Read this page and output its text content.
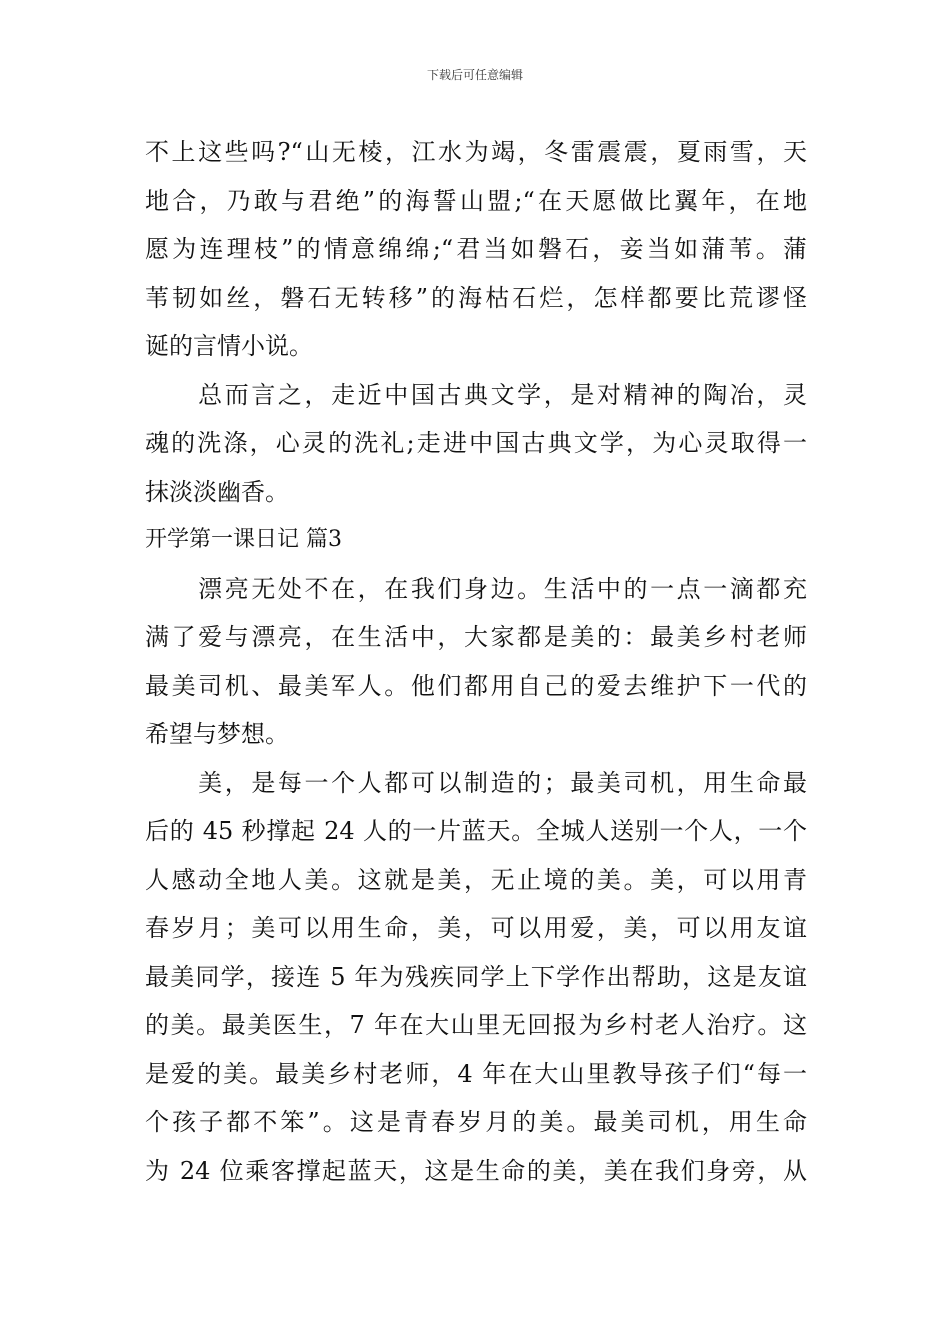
下载后可任意编辑
不上这些吗?“山无棱，江水为竭，冬雷震震，夏雨雪，天
地合，乃敢与君绝”的海誓山盟;“在天愿做比翼年，在地
愿为连理枝”的情意绵绵;“君当如磐石，妾当如蒲苇。蒲
苇韧如丝，磐石无转移”的海枯石烂，怎样都要比荒谬怪
诞的言情小说。
　　总而言之，走近中国古典文学，是对精神的陶冶，灵
魂的洗涤，心灵的洗礼;走进中国古典文学，为心灵取得一
抹淡淡幽香。
开学第一课日记 篇3
　　漂亮无处不在，在我们身边。生活中的一点一滴都充
满了爱与漂亮，在生活中，大家都是美的：最美乡村老师
最美司机、最美军人。他们都用自己的爱去维护下一代的
希望与梦想。
　　美，是每一个人都可以制造的；最美司机，用生命最
后的 45 秒撑起 24 人的一片蓝天。全城人送别一个人，一个
人感动全地人美。这就是美，无止境的美。美，可以用青
春岁月；美可以用生命，美，可以用爱，美，可以用友谊
最美同学，接连 5 年为残疾同学上下学作出帮助，这是友谊
的美。最美医生，7 年在大山里无回报为乡村老人治疗。这
是爱的美。最美乡村老师，4 年在大山里教导孩子们“每一
个孩子都不笨”。这是青春岁月的美。最美司机，用生命
为 24 位乘客撑起蓝天，这是生命的美，美在我们身旁，从
